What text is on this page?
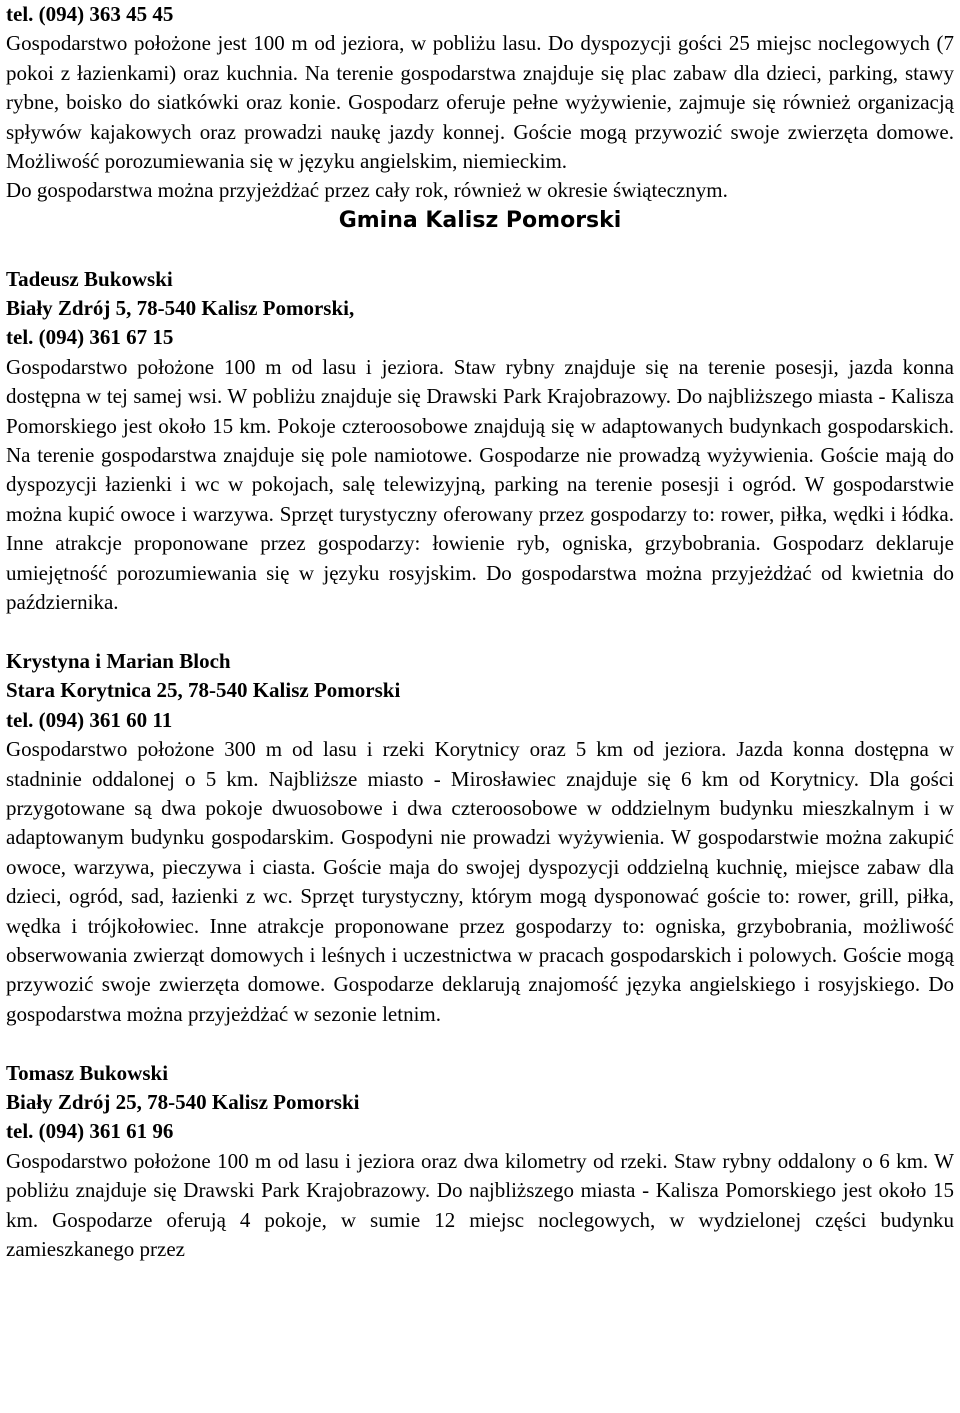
tel. (094) 363 45 45

Gospodarstwo położone jest 100 m od jeziora, w pobliżu lasu. Do dyspozycji gości 25 miejsc noclegowych (7 pokoi z łazienkami) oraz kuchnia. Na terenie gospodarstwa znajduje się plac zabaw dla dzieci, parking, stawy rybne, boisko do siatkówki oraz konie. Gospodarz oferuje pełne wyżywienie, zajmuje się również organizacją spływów kajakowych oraz prowadzi naukę jazdy konnej. Goście mogą przywozić swoje zwierzęta domowe. Możliwość porozumiewania się w języku angielskim, niemieckim.

Do gospodarstwa można przyjeżdżać przez cały rok, również w okresie świątecznym.

Gmina Kalisz Pomorski

Tadeusz Bukowski
Biały Zdrój 5, 78-540 Kalisz Pomorski,
tel. (094) 361 67 15

Gospodarstwo położone 100 m od lasu i jeziora. Staw rybny znajduje się na terenie posesji, jazda konna dostępna w tej samej wsi. W pobliżu znajduje się Drawski Park Krajobrazowy. Do najbliższego miasta - Kalisza Pomorskiego jest około 15 km. Pokoje czteroosobowe znajdują się w adaptowanych budynkach gospodarskich. Na terenie gospodarstwa znajduje się pole namiotowe. Gospodarze nie prowadzą wyżywienia. Goście mają do dyspozycji łazienki i wc w pokojach, salę telewizyjną, parking na terenie posesji i ogród. W gospodarstwie można kupić owoce i warzywa. Sprzęt turystyczny oferowany przez gospodarzy to: rower, piłka, wędki i łódka. Inne atrakcje proponowane przez gospodarzy: łowienie ryb, ogniska, grzybobrania. Gospodarz deklaruje umiejętność porozumiewania się w języku rosyjskim. Do gospodarstwa można przyjeżdżać od kwietnia do października.

Krystyna i Marian Bloch
Stara Korytnica 25, 78-540 Kalisz Pomorski
tel. (094) 361 60 11

Gospodarstwo położone 300 m od lasu i rzeki Korytnicy oraz 5 km od jeziora. Jazda konna dostępna w stadninie oddalonej o 5 km. Najbliższe miasto - Mirosławiec znajduje się 6 km od Korytnicy. Dla gości przygotowane są dwa pokoje dwuosobowe i dwa czteroosobowe w oddzielnym budynku mieszkalnym i w adaptowanym budynku gospodarskim. Gospodyni nie prowadzi wyżywienia. W gospodarstwie można zakupić owoce, warzywa, pieczywa i ciasta. Goście maja do swojej dyspozycji oddzielną kuchnię, miejsce zabaw dla dzieci, ogród, sad, łazienki z wc. Sprzęt turystyczny, którym mogą dysponować goście to: rower, grill, piłka, wędka i trójkołowiec. Inne atrakcje proponowane przez gospodarzy to: ogniska, grzybobrania, możliwość obserwowania zwierząt domowych i leśnych i uczestnictwa w pracach gospodarskich i polowych. Goście mogą przywozić swoje zwierzęta domowe. Gospodarze deklarują znajomość języka angielskiego i rosyjskiego. Do gospodarstwa można przyjeżdżać w sezonie letnim.

Tomasz Bukowski
Biały Zdrój 25, 78-540 Kalisz Pomorski
tel. (094) 361 61 96

Gospodarstwo położone 100 m od lasu i jeziora oraz dwa kilometry od rzeki. Staw rybny oddalony o 6 km. W pobliżu znajduje się Drawski Park Krajobrazowy. Do najbliższego miasta - Kalisza Pomorskiego jest około 15 km. Gospodarze oferują 4 pokoje, w sumie 12 miejsc noclegowych, w wydzielonej części budynku zamieszkanego przez
